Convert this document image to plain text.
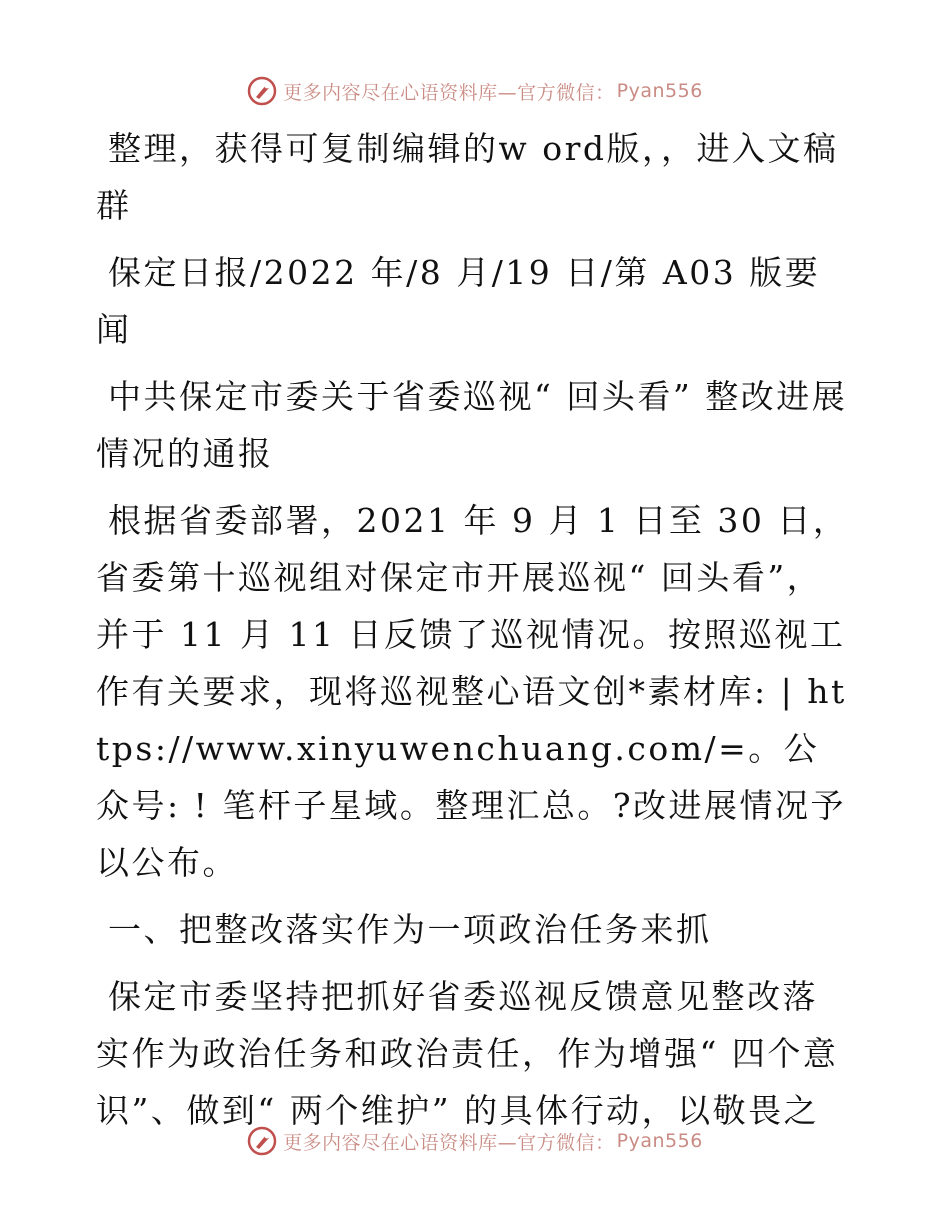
更多内容尽在心语资料库—官方微信： Pyan556

整理，获得可复制编辑的w ord版，，进入文稿群

保定日报/2022 年/8 月/19 日/第 A03 版要闻

中共保定市委关于省委巡视“ 回头看” 整改进展情况的通报

根据省委部署，2021 年 9 月 1 日至 30 日，省委第十巡视组对保定市开展巡视“ 回头看”，并于 11 月 11 日反馈了巡视情况。按照巡视工作有关要求，现将巡视整心语文创*素材库: | https://www.xinyuwenchuang.com/=。公众号: ! 笔杆子星域。整理汇总。?改进展情况予以公布。

一、把整改落实作为一项政治任务来抓

保定市委坚持把抓好省委巡视反馈意见整改落实作为政治任务和政治责任，作为增强“ 四个意识”、做到“ 两个维护” 的具体行动，以敬畏之

更多内容尽在心语资料库—官方微信： Pyan556
